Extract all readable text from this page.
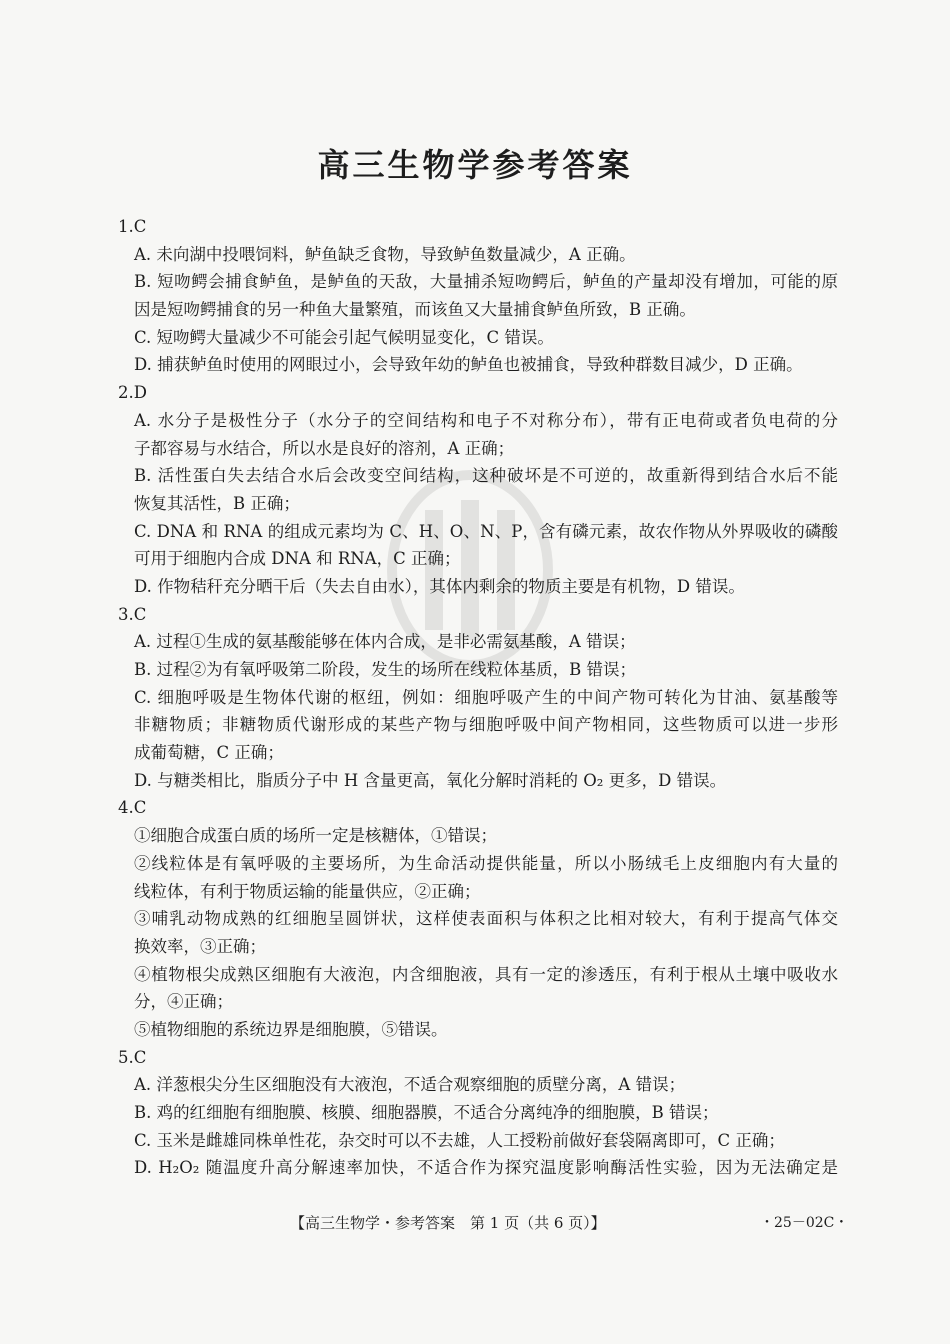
高三生物学参考答案
1.C
A. 未向湖中投喂饲料，鲈鱼缺乏食物，导致鲈鱼数量减少，A 正确。
B. 短吻鳄会捕食鲈鱼，是鲈鱼的天敌，大量捕杀短吻鳄后，鲈鱼的产量却没有增加，可能的原
因是短吻鳄捕食的另一种鱼大量繁殖，而该鱼又大量捕食鲈鱼所致，B 正确。
C. 短吻鳄大量减少不可能会引起气候明显变化，C 错误。
D. 捕获鲈鱼时使用的网眼过小，会导致年幼的鲈鱼也被捕食，导致种群数目减少，D 正确。
2.D
A. 水分子是极性分子（水分子的空间结构和电子不对称分布），带有正电荷或者负电荷的分
子都容易与水结合，所以水是良好的溶剂，A 正确；
B. 活性蛋白失去结合水后会改变空间结构，这种破坏是不可逆的，故重新得到结合水后不能
恢复其活性，B 正确；
C. DNA 和 RNA 的组成元素均为 C、H、O、N、P，含有磷元素，故农作物从外界吸收的磷酸
可用于细胞内合成 DNA 和 RNA，C 正确；
D. 作物秸秆充分晒干后（失去自由水），其体内剩余的物质主要是有机物，D 错误。
3.C
A. 过程①生成的氨基酸能够在体内合成，是非必需氨基酸，A 错误；
B. 过程②为有氧呼吸第二阶段，发生的场所在线粒体基质，B 错误；
C. 细胞呼吸是生物体代谢的枢纽，例如：细胞呼吸产生的中间产物可转化为甘油、氨基酸等
非糖物质；非糖物质代谢形成的某些产物与细胞呼吸中间产物相同，这些物质可以进一步形
成葡萄糖，C 正确；
D. 与糖类相比，脂质分子中 H 含量更高，氧化分解时消耗的 O₂ 更多，D 错误。
4.C
①细胞合成蛋白质的场所一定是核糖体，①错误；
②线粒体是有氧呼吸的主要场所，为生命活动提供能量，所以小肠绒毛上皮细胞内有大量的
线粒体，有利于物质运输的能量供应，②正确；
③哺乳动物成熟的红细胞呈圆饼状，这样使表面积与体积之比相对较大，有利于提高气体交
换效率，③正确；
④植物根尖成熟区细胞有大液泡，内含细胞液，具有一定的渗透压，有利于根从土壤中吸收水
分，④正确；
⑤植物细胞的系统边界是细胞膜，⑤错误。
5.C
A. 洋葱根尖分生区细胞没有大液泡，不适合观察细胞的质壁分离，A 错误；
B. 鸡的红细胞有细胞膜、核膜、细胞器膜，不适合分离纯净的细胞膜，B 错误；
C. 玉米是雌雄同株单性花，杂交时可以不去雄，人工授粉前做好套袋隔离即可，C 正确；
D. H₂O₂ 随温度升高分解速率加快，不适合作为探究温度影响酶活性实验，因为无法确定是
【高三生物学・参考答案　第 1 页（共 6 页）】	・25－02C・
